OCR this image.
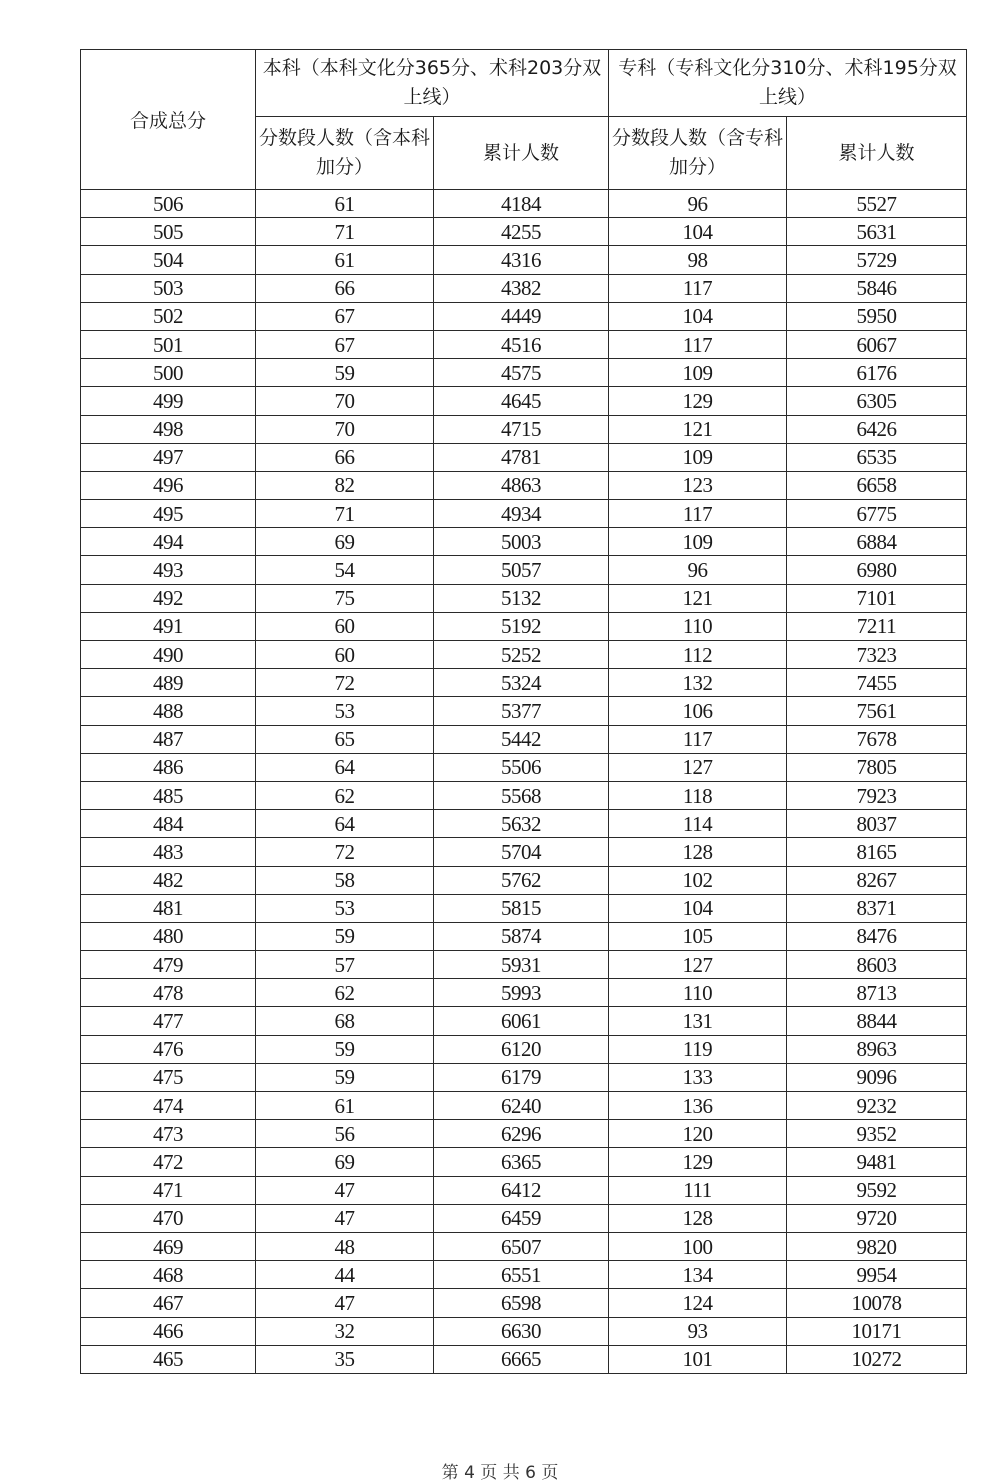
合成总分	本科（本科文化分365分、术科203分双上线）		专科（专科文化分310分、术科195分双上线）	
	分数段人数（含本科加分）	累计人数	分数段人数（含专科加分）	累计人数
506	61	4184	96	5527
505	71	4255	104	5631
504	61	4316	98	5729
503	66	4382	117	5846
502	67	4449	104	5950
501	67	4516	117	6067
500	59	4575	109	6176
499	70	4645	129	6305
498	70	4715	121	6426
497	66	4781	109	6535
496	82	4863	123	6658
495	71	4934	117	6775
494	69	5003	109	6884
493	54	5057	96	6980
492	75	5132	121	7101
491	60	5192	110	7211
490	60	5252	112	7323
489	72	5324	132	7455
488	53	5377	106	7561
487	65	5442	117	7678
486	64	5506	127	7805
485	62	5568	118	7923
484	64	5632	114	8037
483	72	5704	128	8165
482	58	5762	102	8267
481	53	5815	104	8371
480	59	5874	105	8476
479	57	5931	127	8603
478	62	5993	110	8713
477	68	6061	131	8844
476	59	6120	119	8963
475	59	6179	133	9096
474	61	6240	136	9232
473	56	6296	120	9352
472	69	6365	129	9481
471	47	6412	111	9592
470	47	6459	128	9720
469	48	6507	100	9820
468	44	6551	134	9954
467	47	6598	124	10078
466	32	6630	93	10171
465	35	6665	101	10272
第 4 页 共 6 页
